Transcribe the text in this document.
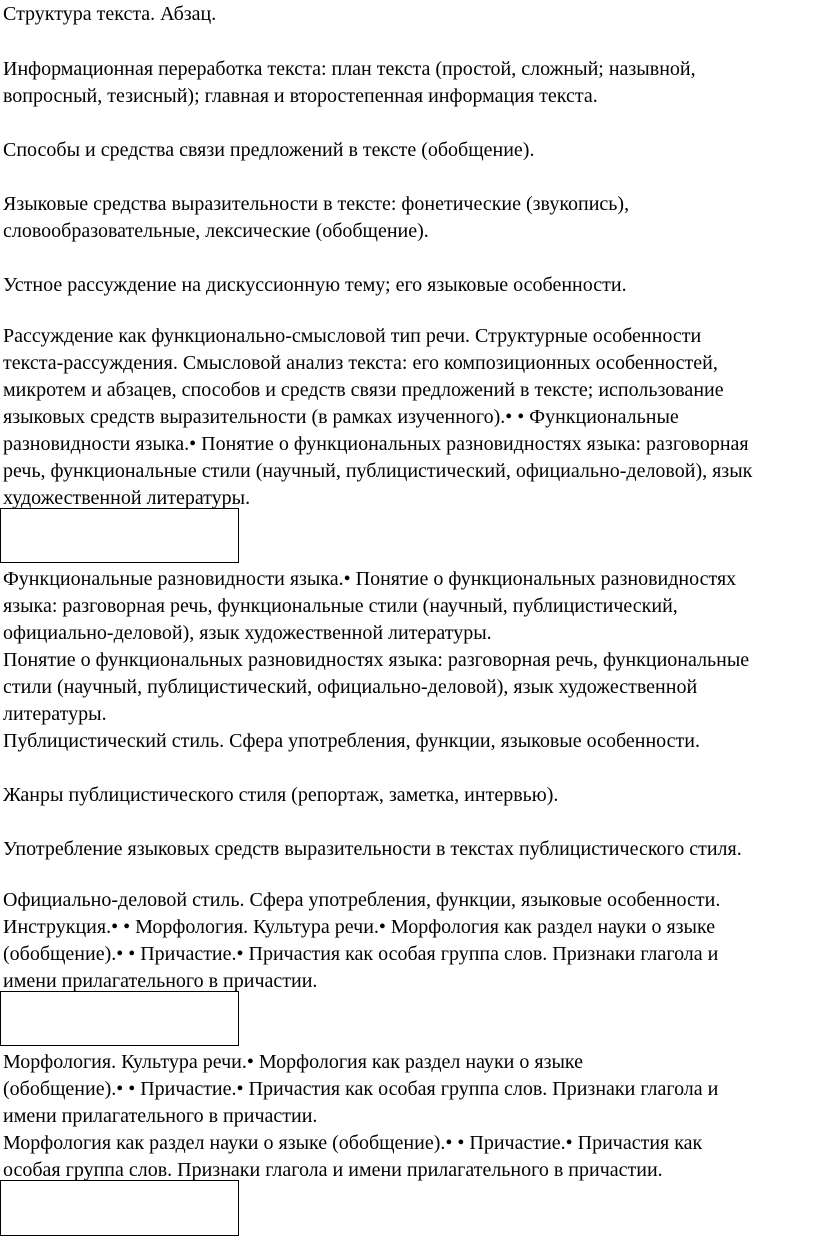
Структура текста. Абзац.
Информационная переработка текста: план текста (простой, сложный; назывной,
вопросный, тезисный); главная и второстепенная информация текста.
Способы и средства связи предложений в тексте (обобщение).
Языковые средства выразительности в тексте: фонетические (звукопись),
словообразовательные, лексические (обобщение).
Устное рассуждение на дискуссионную тему; его языковые особенности.
Рассуждение как функционально-смысловой тип речи. Структурные особенности
текста-рассуждения. Смысловой анализ текста: его композиционных особенностей,
микротем и абзацев, способов и средств связи предложений в тексте; использование
языковых средств выразительности (в рамках изученного).• • Функциональные
разновидности языка.• Понятие о функциональных разновидностях языка: разговорная
речь, функциональные стили (научный, публицистический, официально-деловой), язык
художественной литературы.
Функциональные разновидности языка.• Понятие о функциональных разновидностях
языка: разговорная речь, функциональные стили (научный, публицистический,
официально-деловой), язык художественной литературы.
Понятие о функциональных разновидностях языка: разговорная речь, функциональные
стили (научный, публицистический, официально-деловой), язык художественной
литературы.
Публицистический стиль. Сфера употребления, функции, языковые особенности.
Жанры публицистического стиля (репортаж, заметка, интервью).
Употребление языковых средств выразительности в текстах публицистического стиля.
Официально-деловой стиль. Сфера употребления, функции, языковые особенности.
Инструкция.• • Морфология. Культура речи.• Морфология как раздел науки о языке
(обобщение).• • Причастие.• Причастия как особая группа слов. Признаки глагола и
имени прилагательного в причастии.
Морфология. Культура речи.• Морфология как раздел науки о языке
(обобщение).• • Причастие.• Причастия как особая группа слов. Признаки глагола и
имени прилагательного в причастии.
Морфология как раздел науки о языке (обобщение).• • Причастие.• Причастия как
особая группа слов. Признаки глагола и имени прилагательного в причастии.
